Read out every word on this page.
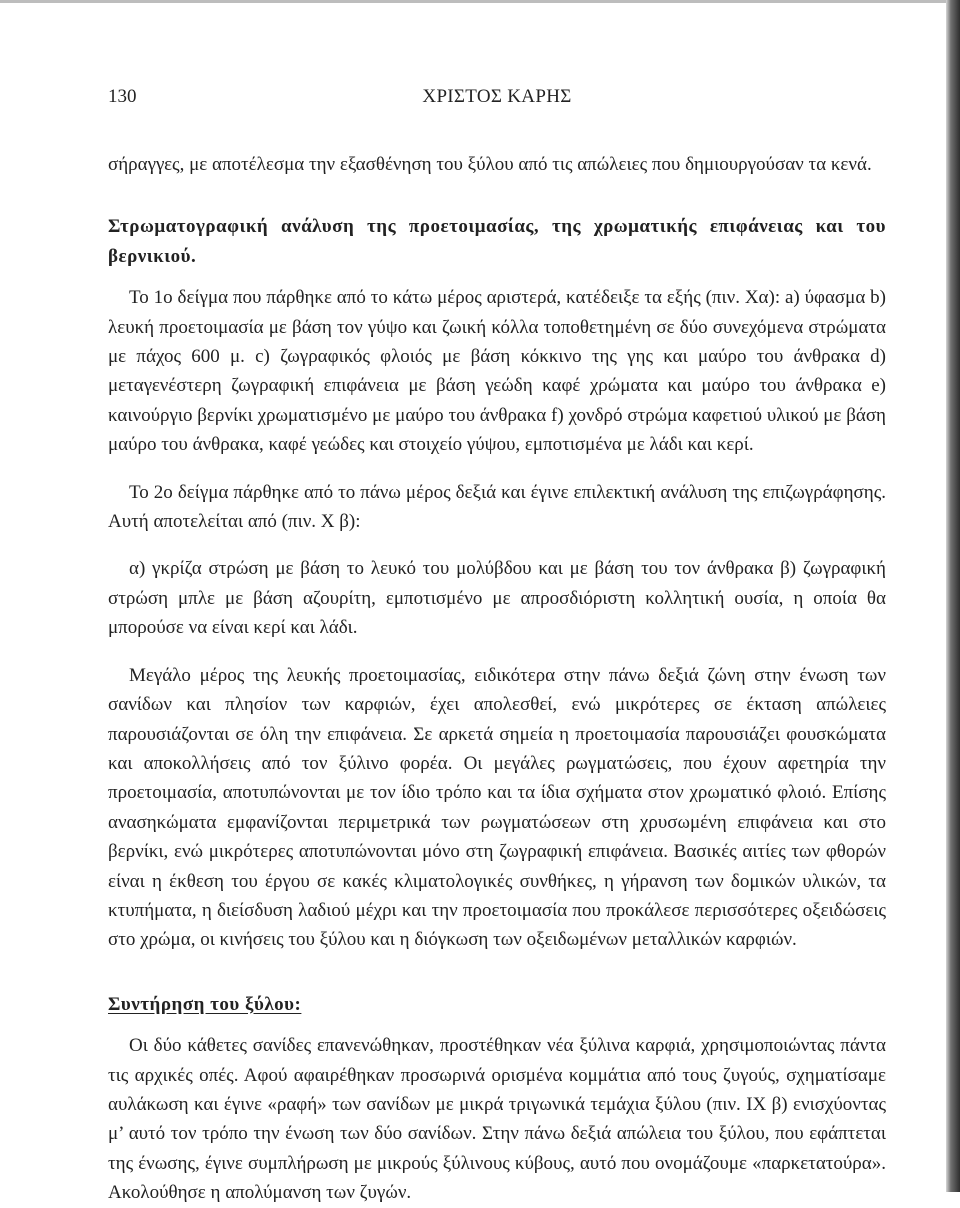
130	ΧΡΙΣΤΟΣ ΚΑΡΗΣ

σήραγγες, με αποτέλεσμα την εξασθένηση του ξύλου από τις απώλειες που δημιουργούσαν τα κενά.

Στρωματογραφική ανάλυση της προετοιμασίας, της χρωματικής επιφάνειας και του βερνικιού.

Το 1ο δείγμα που πάρθηκε από το κάτω μέρος αριστερά, κατέδειξε τα εξής (πιν. Χα): a) ύφασμα b) λευκή προετοιμασία με βάση τον γύψο και ζωική κόλλα τοποθετημένη σε δύο συνεχόμενα στρώματα με πάχος 600 μ. c) ζωγραφικός φλοιός με βάση κόκκινο της γης και μαύρο του άνθρακα d) μεταγενέστερη ζωγραφική επιφάνεια με βάση γεώδη καφέ χρώματα και μαύρο του άνθρακα e) καινούργιο βερνίκι χρωματισμένο με μαύρο του άνθρακα f) χονδρό στρώμα καφετιού υλικού με βάση μαύρο του άνθρακα, καφέ γεώδες και στοιχείο γύψου, εμποτισμένα με λάδι και κερί.

Το 2ο δείγμα πάρθηκε από το πάνω μέρος δεξιά και έγινε επιλεκτική ανάλυση της επιζωγράφησης. Αυτή αποτελείται από (πιν. Χ β):

α) γκρίζα στρώση με βάση το λευκό του μολύβδου και με βάση του τον άνθρακα β) ζωγραφική στρώση μπλε με βάση αζουρίτη, εμποτισμένο με απροσδιόριστη κολλητική ουσία, η οποία θα μπορούσε να είναι κερί και λάδι.

Μεγάλο μέρος της λευκής προετοιμασίας, ειδικότερα στην πάνω δεξιά ζώνη στην ένωση των σανίδων και πλησίον των καρφιών, έχει απολεσθεί, ενώ μικρότερες σε έκταση απώλειες παρουσιάζονται σε όλη την επιφάνεια. Σε αρκετά σημεία η προετοιμασία παρουσιάζει φουσκώματα και αποκολλήσεις από τον ξύλινο φορέα. Οι μεγάλες ρωγματώσεις, που έχουν αφετηρία την προετοιμασία, αποτυπώνονται με τον ίδιο τρόπο και τα ίδια σχήματα στον χρωματικό φλοιό. Επίσης ανασηκώματα εμφανίζονται περιμετρικά των ρωγματώσεων στη χρυσωμένη επιφάνεια και στο βερνίκι, ενώ μικρότερες αποτυπώνονται μόνο στη ζωγραφική επιφάνεια. Βασικές αιτίες των φθορών είναι η έκθεση του έργου σε κακές κλιματολογικές συνθήκες, η γήρανση των δομικών υλικών, τα κτυπήματα, η διείσδυση λαδιού μέχρι και την προετοιμασία που προκάλεσε περισσότερες οξειδώσεις στο χρώμα, οι κινήσεις του ξύλου και η διόγκωση των οξειδωμένων μεταλλικών καρφιών.

Συντήρηση του ξύλου:

Οι δύο κάθετες σανίδες επανενώθηκαν, προστέθηκαν νέα ξύλινα καρφιά, χρησιμοποιώντας πάντα τις αρχικές οπές. Αφού αφαιρέθηκαν προσωρινά ορισμένα κομμάτια από τους ζυγούς, σχηματίσαμε αυλάκωση και έγινε «ραφή» των σανίδων με μικρά τριγωνικά τεμάχια ξύλου (πιν. ΙΧ β) ενισχύοντας μ’ αυτό τον τρόπο την ένωση των δύο σανίδων. Στην πάνω δεξιά απώλεια του ξύλου, που εφάπτεται της ένωσης, έγινε συμπλήρωση με μικρούς ξύλινους κύβους, αυτό που ονομάζουμε «παρκετατούρα». Ακολούθησε η απολύμανση των ζυγών.
